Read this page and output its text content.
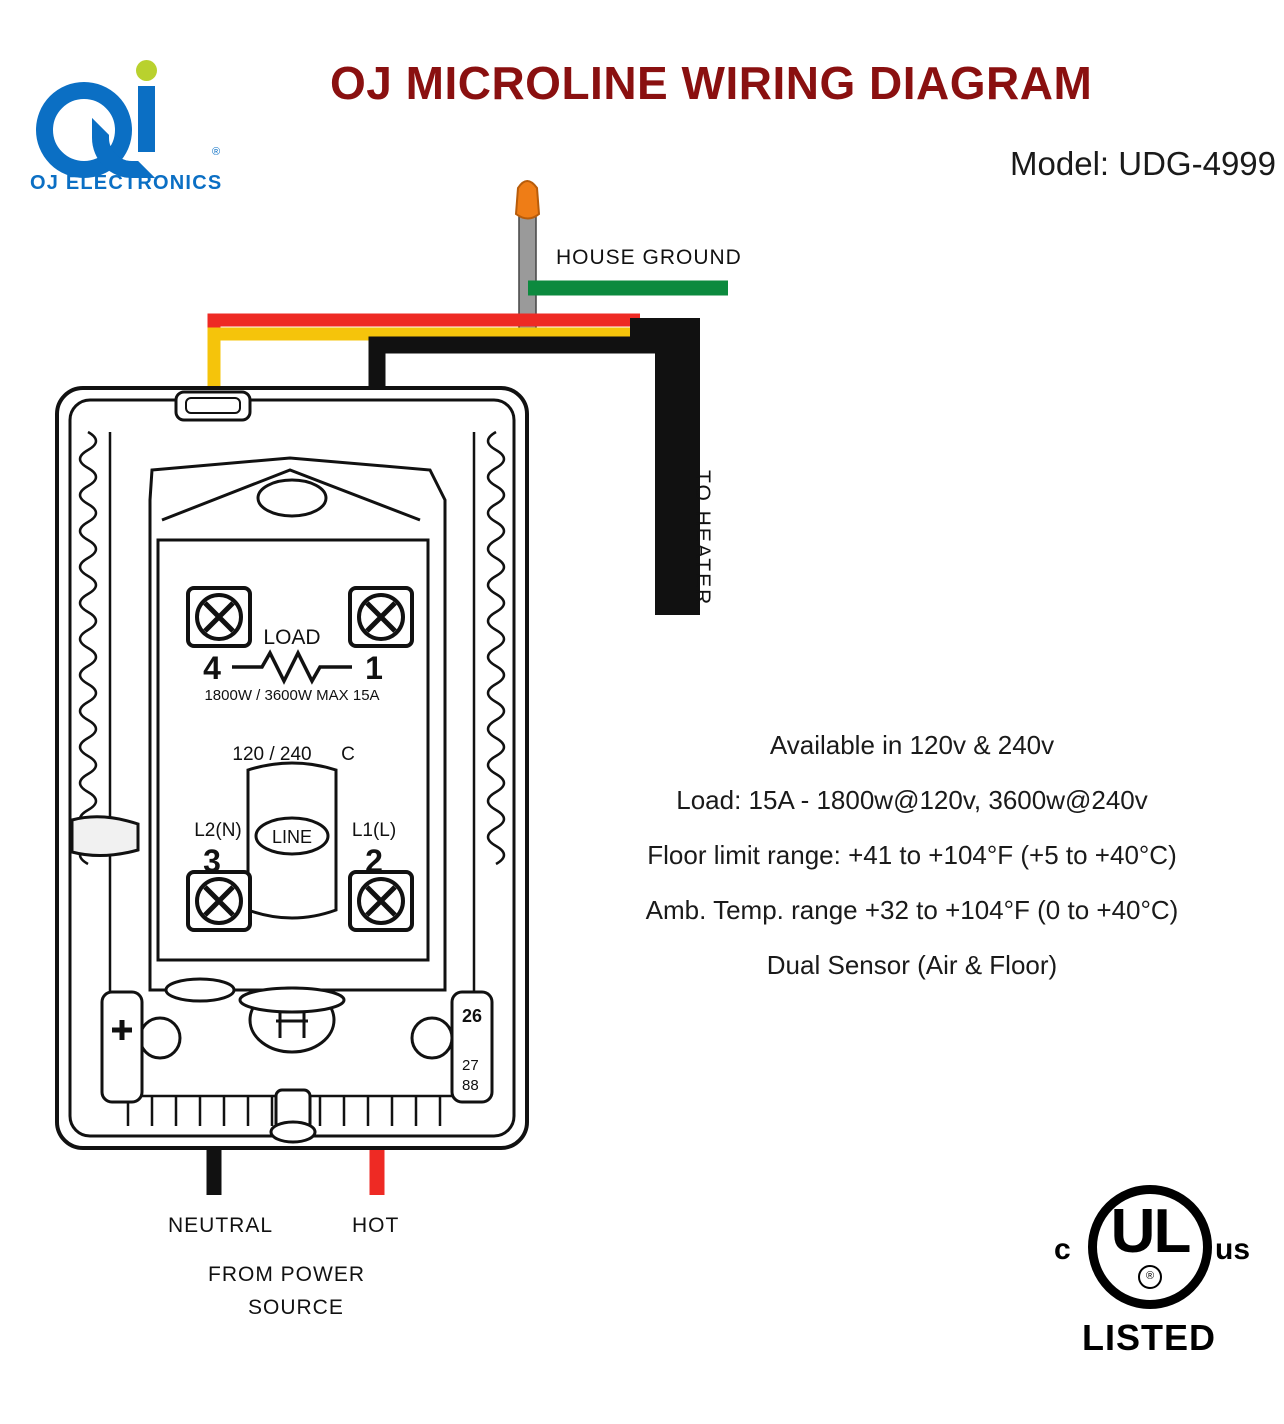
®
OJ ELECTRONICS
OJ MICROLINE WIRING DIAGRAM
Model: UDG-4999
LOAD
4	1
1800W / 3600W MAX 15A
120 / 240 C
LINE
L2(N)	L1(L)
3	2
26
27
88
HOUSE GROUND
TO HEATER
NEUTRAL	HOT
FROM POWER
SOURCE
Available in 120v & 240v
Load: 15A - 1800w@120v, 3600w@240v
Floor limit range: +41 to +104°F (+5 to +40°C)
Amb. Temp. range +32 to +104°F (0 to +40°C)
Dual Sensor (Air & Floor)
UL
®
c	us
LISTED
